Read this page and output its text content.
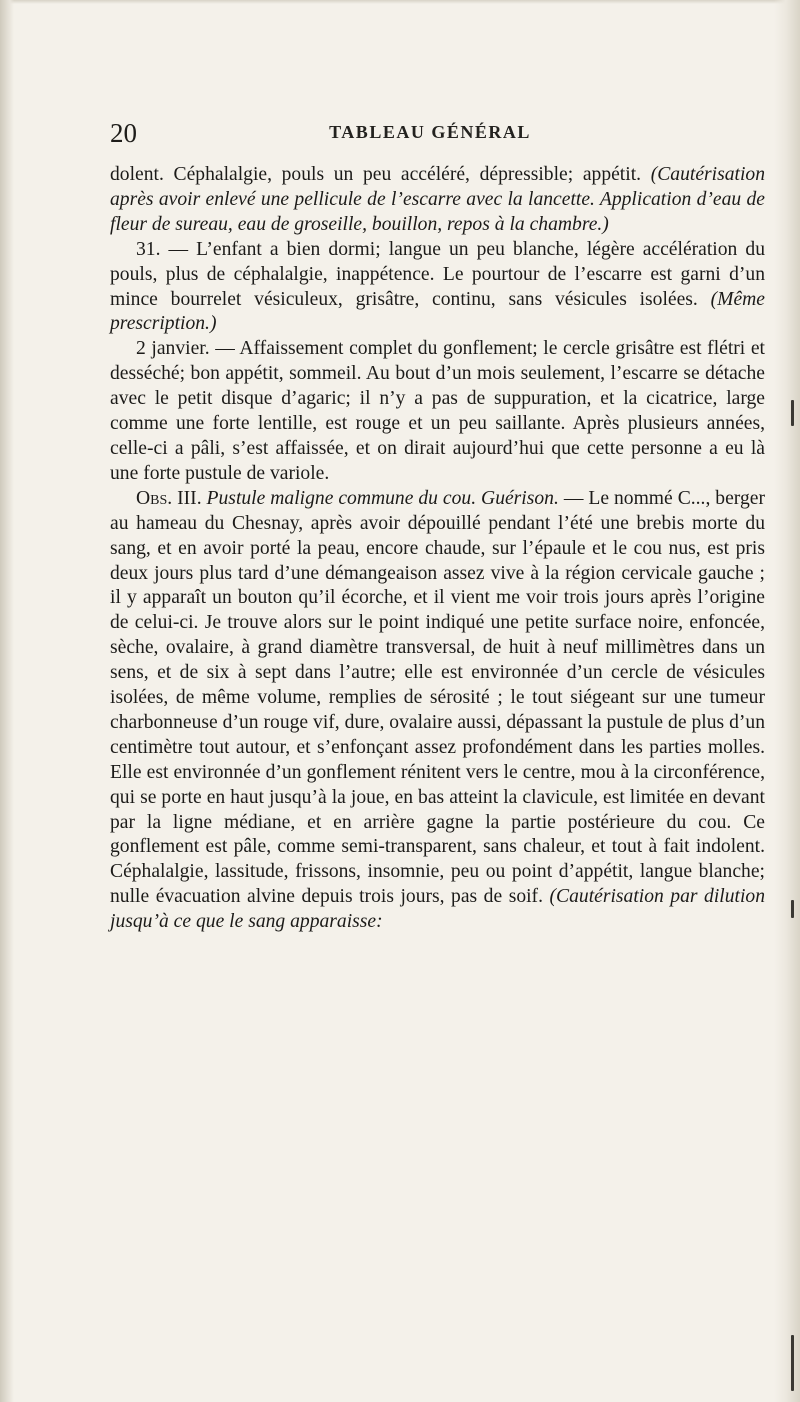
20	TABLEAU GÉNÉRAL

dolent. Céphalalgie, pouls un peu accéléré, dépressible; appétit. (Cautérisation après avoir enlevé une pellicule de l’escarre avec la lancette. Application d’eau de fleur de sureau, eau de groseille, bouillon, repos à la chambre.)

31. — L’enfant a bien dormi; langue un peu blanche, légère accélération du pouls, plus de céphalalgie, inappétence. Le pourtour de l’escarre est garni d’un mince bourrelet vésiculeux, grisâtre, continu, sans vésicules isolées. (Même prescription.)

2 janvier. — Affaissement complet du gonflement; le cercle grisâtre est flétri et desséché; bon appétit, sommeil. Au bout d’un mois seulement, l’escarre se détache avec le petit disque d’agaric; il n’y a pas de suppuration, et la cicatrice, large comme une forte lentille, est rouge et un peu saillante. Après plusieurs années, celle-ci a pâli, s’est affaissée, et on dirait aujourd’hui que cette personne a eu là une forte pustule de variole.

Obs. III. Pustule maligne commune du cou. Guérison. — Le nommé C..., berger au hameau du Chesnay, après avoir dépouillé pendant l’été une brebis morte du sang, et en avoir porté la peau, encore chaude, sur l’épaule et le cou nus, est pris deux jours plus tard d’une démangeaison assez vive à la région cervicale gauche ; il y apparaît un bouton qu’il écorche, et il vient me voir trois jours après l’origine de celui-ci. Je trouve alors sur le point indiqué une petite surface noire, enfoncée, sèche, ovalaire, à grand diamètre transversal, de huit à neuf millimètres dans un sens, et de six à sept dans l’autre; elle est environnée d’un cercle de vésicules isolées, de même volume, remplies de sérosité ; le tout siégeant sur une tumeur charbonneuse d’un rouge vif, dure, ovalaire aussi, dépassant la pustule de plus d’un centimètre tout autour, et s’enfonçant assez profondément dans les parties molles. Elle est environnée d’un gonflement rénitent vers le centre, mou à la circonférence, qui se porte en haut jusqu’à la joue, en bas atteint la clavicule, est limitée en devant par la ligne médiane, et en arrière gagne la partie postérieure du cou. Ce gonflement est pâle, comme semi-transparent, sans chaleur, et tout à fait indolent. Céphalalgie, lassitude, frissons, insomnie, peu ou point d’appétit, langue blanche; nulle évacuation alvine depuis trois jours, pas de soif. (Cautérisation par dilution jusqu’à ce que le sang apparaisse:
